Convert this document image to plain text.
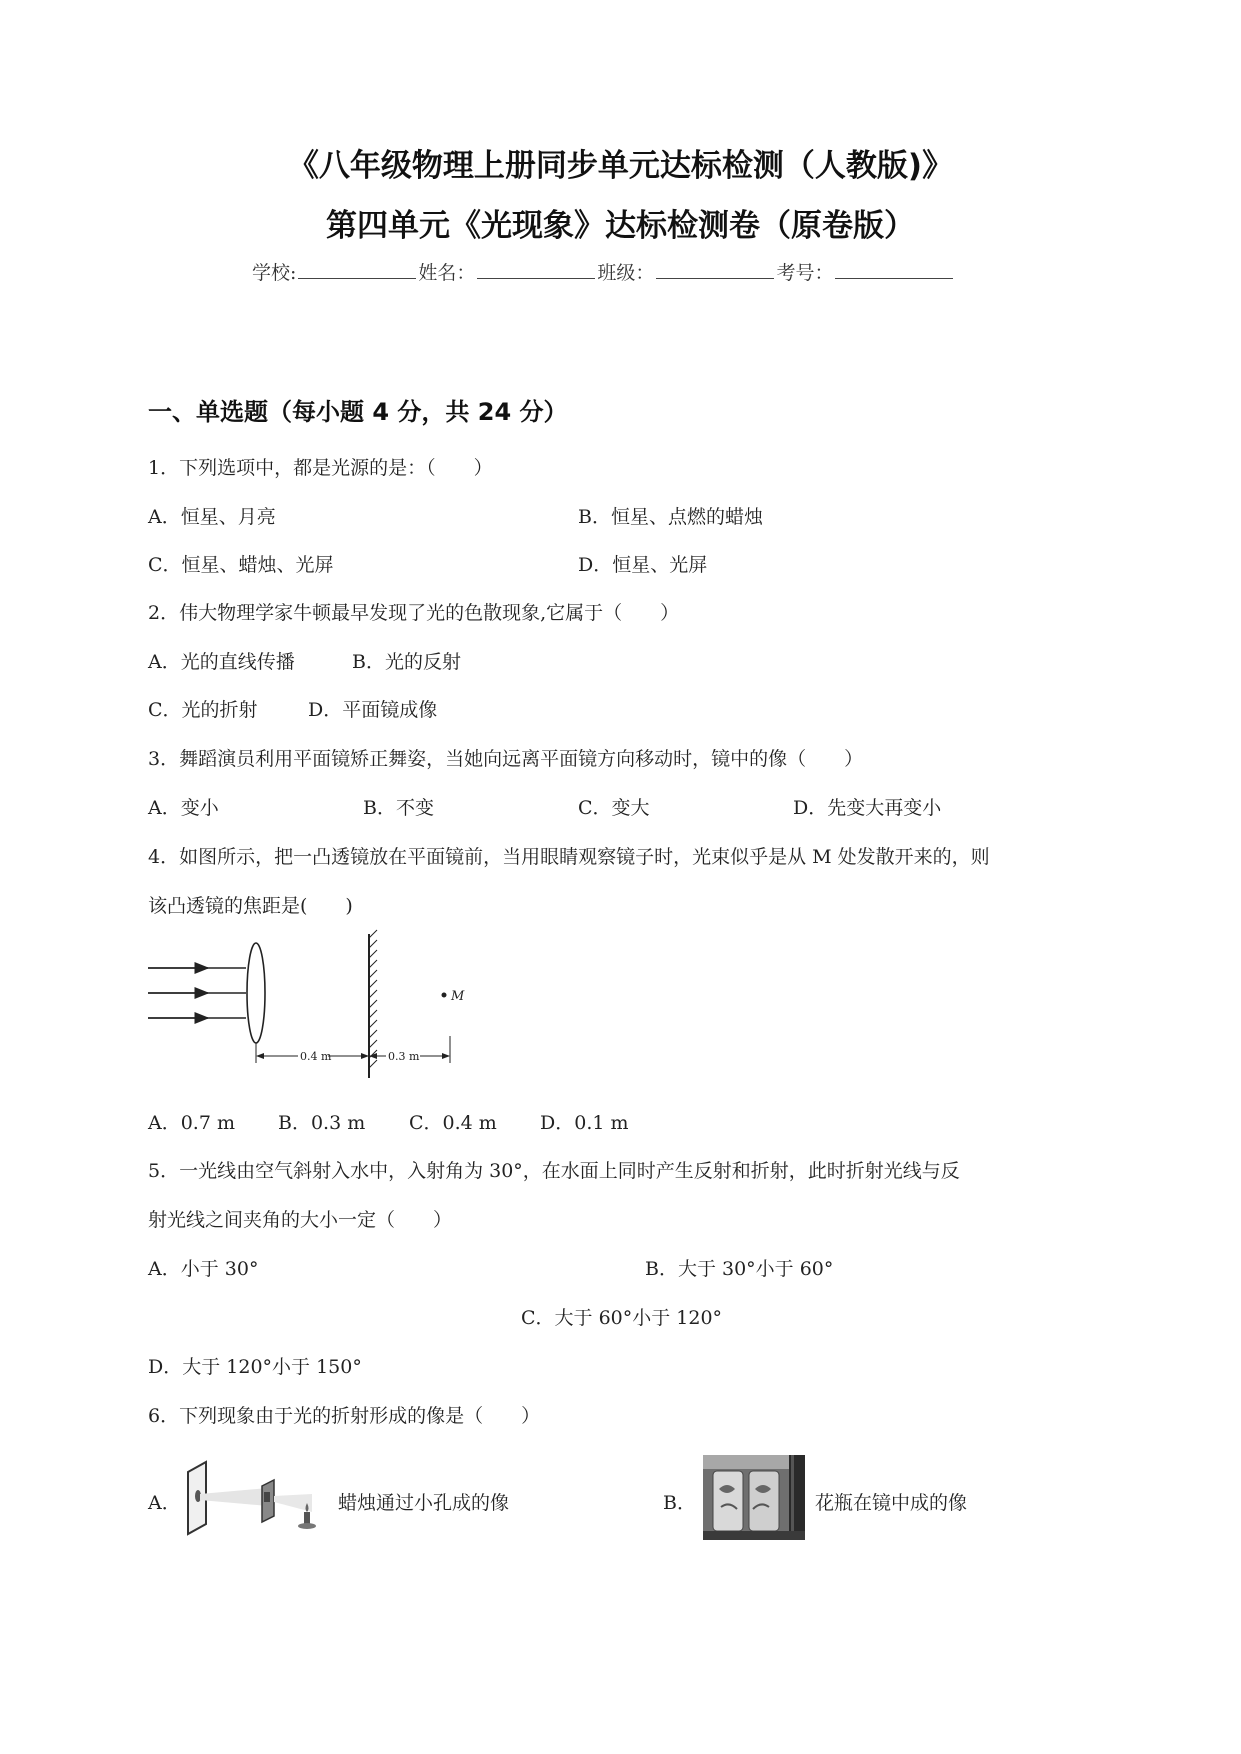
《八年级物理上册同步单元达标检测（人教版)》
第四单元《光现象》达标检测卷（原卷版）
学校:	姓名：	班级：	考号：
一、单选题（每小题 4 分，共 24 分）
1．下列选项中，都是光源的是：（　　）
A．恒星、月亮	B．恒星、点燃的蜡烛
C．恒星、蜡烛、光屏	D．恒星、光屏
2．伟大物理学家牛顿最早发现了光的色散现象,它属于（　　）
A．光的直线传播	B．光的反射
C．光的折射	D．平面镜成像
3．舞蹈演员利用平面镜矫正舞姿，当她向远离平面镜方向移动时，镜中的像（　　）
A．变小	B．不变	C．变大	D．先变大再变小
4．如图所示，把一凸透镜放在平面镜前，当用眼睛观察镜子时，光束似乎是从 M 处发散开来的，则
该凸透镜的焦距是(　　)
M
0.4 m	0.3 m
A．0.7 m B．0.3 m C．0.4 m D．0.1 m
5．一光线由空气斜射入水中，入射角为 30°，在水面上同时产生反射和折射，此时折射光线与反
射光线之间夹角的大小一定（　　）
A．小于 30°	B．大于 30°小于 60°
C．大于 60°小于 120°
D．大于 120°小于 150°
6．下列现象由于光的折射形成的像是（　　）
A．	蜡烛通过小孔成的像	B．	花瓶在镜中成的像
